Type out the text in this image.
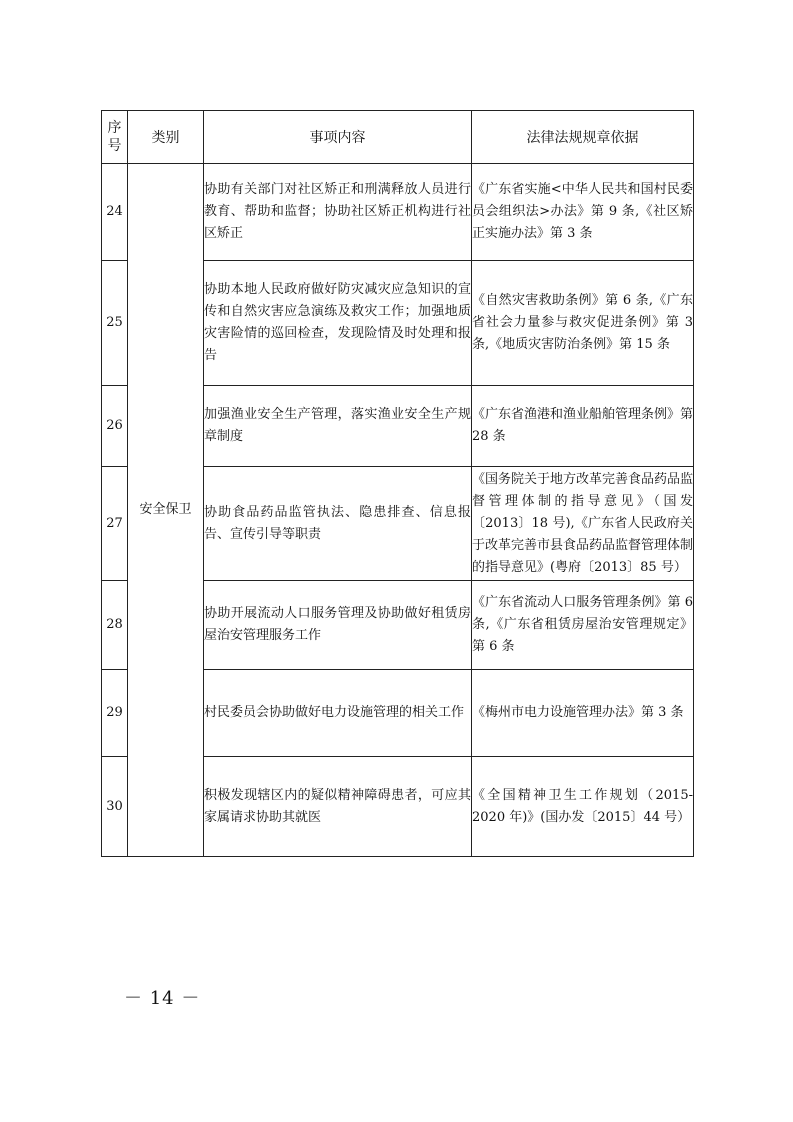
序号	类别	事项内容	法律法规规章依据
24	安全保卫	协助有关部门对社区矫正和刑满释放人员进行教育、帮助和监督；协助社区矫正机构进行社区矫正	《广东省实施<中华人民共和国村民委员会组织法>办法》第 9 条,《社区矫正实施办法》第 3 条
25		协助本地人民政府做好防灾减灾应急知识的宣传和自然灾害应急演练及救灾工作；加强地质灾害险情的巡回检查，发现险情及时处理和报告	《自然灾害救助条例》第 6 条,《广东省社会力量参与救灾促进条例》第 3 条,《地质灾害防治条例》第 15 条
26		加强渔业安全生产管理，落实渔业安全生产规章制度	《广东省渔港和渔业船舶管理条例》第 28 条
27		协助食品药品监管执法、隐患排查、信息报告、宣传引导等职责	《国务院关于地方改革完善食品药品监督管理体制的指导意见》（国发〔2013〕18 号),《广东省人民政府关于改革完善市县食品药品监督管理体制的指导意见》(粤府〔2013〕85 号）
28		协助开展流动人口服务管理及协助做好租赁房屋治安管理服务工作	《广东省流动人口服务管理条例》第 6 条,《广东省租赁房屋治安管理规定》第 6 条
29		村民委员会协助做好电力设施管理的相关工作	《梅州市电力设施管理办法》第 3 条
30		积极发现辖区内的疑似精神障碍患者，可应其家属请求协助其就医	《全国精神卫生工作规划（2015-2020 年)》(国办发〔2015〕44 号）
－ 14 －
